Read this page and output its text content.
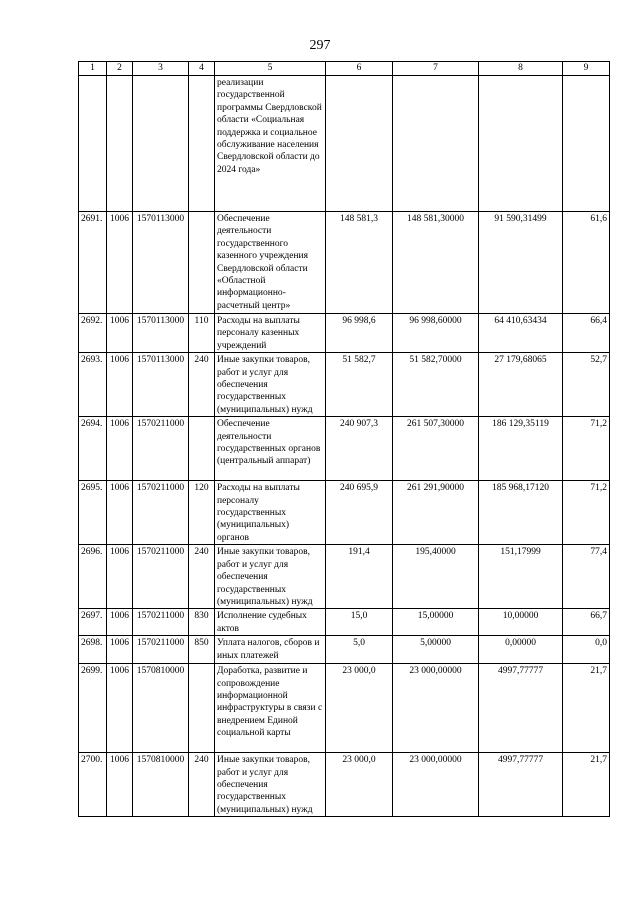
297
1	2	3	4	5	6	7	8	9
				реализации государственной программы Свердловской области «Социальная поддержка и социальное обслуживание населения Свердловской области до 2024 года»				
2691.	1006	1570113000		Обеспечение деятельности государственного казенного учреждения Свердловской области «Областной информационно-расчетный центр»	148 581,3	148 581,30000	91 590,31499	61,6
2692.	1006	1570113000	110	Расходы на выплаты персоналу казенных учреждений	96 998,6	96 998,60000	64 410,63434	66,4
2693.	1006	1570113000	240	Иные закупки товаров, работ и услуг для обеспечения государственных (муниципальных) нужд	51 582,7	51 582,70000	27 179,68065	52,7
2694.	1006	1570211000		Обеспечение деятельности государственных органов (центральный аппарат)	240 907,3	261 507,30000	186 129,35119	71,2
2695.	1006	1570211000	120	Расходы на выплаты персоналу государственных (муниципальных) органов	240 695,9	261 291,90000	185 968,17120	71,2
2696.	1006	1570211000	240	Иные закупки товаров, работ и услуг для обеспечения государственных (муниципальных) нужд	191,4	195,40000	151,17999	77,4
2697.	1006	1570211000	830	Исполнение судебных актов	15,0	15,00000	10,00000	66,7
2698.	1006	1570211000	850	Уплата налогов, сборов и иных платежей	5,0	5,00000	0,00000	0,0
2699.	1006	1570810000		Доработка, развитие и сопровождение информационной инфраструктуры в связи с внедрением Единой социальной карты	23 000,0	23 000,00000	4997,77777	21,7
2700.	1006	1570810000	240	Иные закупки товаров, работ и услуг для обеспечения государственных (муниципальных) нужд	23 000,0	23 000,00000	4997,77777	21,7
